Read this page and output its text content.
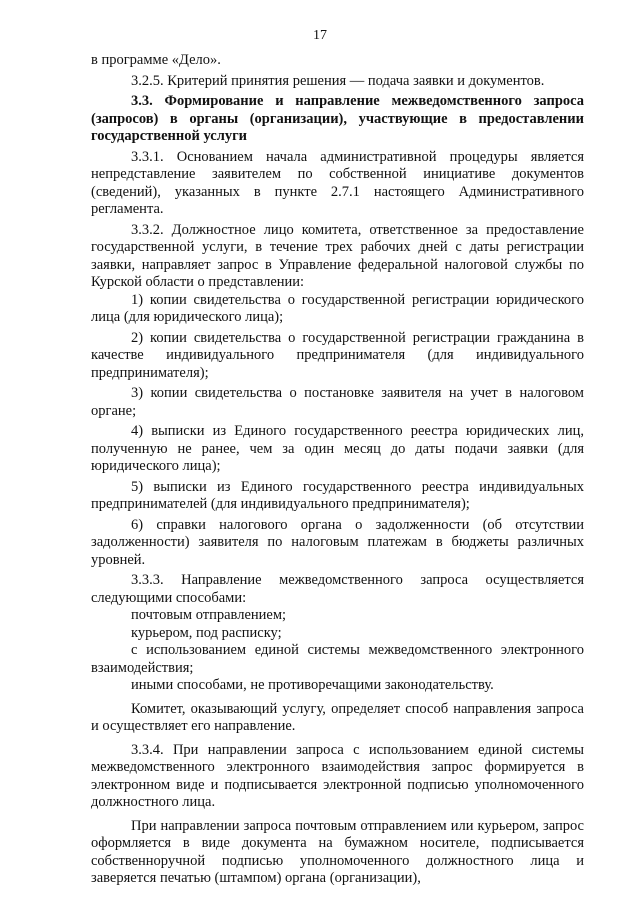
17

в программе «Дело».

3.2.5. Критерий принятия решения — подача заявки и документов.

3.3. Формирование и направление межведомственного запроса (запросов) в органы (организации), участвующие в предоставлении государственной услуги

3.3.1. Основанием начала административной процедуры является непредставление заявителем по собственной инициативе документов (сведений), указанных в пункте 2.7.1 настоящего Административного регламента.

3.3.2. Должностное лицо комитета, ответственное за предоставление государственной услуги, в течение трех рабочих дней с даты регистрации заявки, направляет запрос в Управление федеральной налоговой службы по Курской области о представлении:

1) копии свидетельства о государственной регистрации юридического лица (для юридического лица);

2) копии свидетельства о государственной регистрации гражданина в качестве индивидуального предпринимателя (для индивидуального предпринимателя);

3) копии свидетельства о постановке заявителя на учет в налоговом органе;

4) выписки из Единого государственного реестра юридических лиц, полученную не ранее, чем за один месяц до даты подачи заявки (для юридического лица);

5) выписки из Единого государственного реестра индивидуальных предпринимателей (для индивидуального предпринимателя);

6) справки налогового органа о задолженности (об отсутствии задолженности) заявителя по налоговым платежам в бюджеты различных уровней.

3.3.3. Направление межведомственного запроса осуществляется следующими способами:

почтовым отправлением;

курьером, под расписку;

с использованием единой системы межведомственного электронного взаимодействия;

иными способами, не противоречащими законодательству.

Комитет, оказывающий услугу, определяет способ направления запроса и осуществляет его направление.

3.3.4. При направлении запроса с использованием единой системы межведомственного электронного взаимодействия запрос формируется в электронном виде и подписывается электронной подписью уполномоченного должностного лица.

При направлении запроса почтовым отправлением или курьером, запрос оформляется в виде документа на бумажном носителе, подписывается собственноручной подписью уполномоченного должностного лица и заверяется печатью (штампом) органа (организации),
